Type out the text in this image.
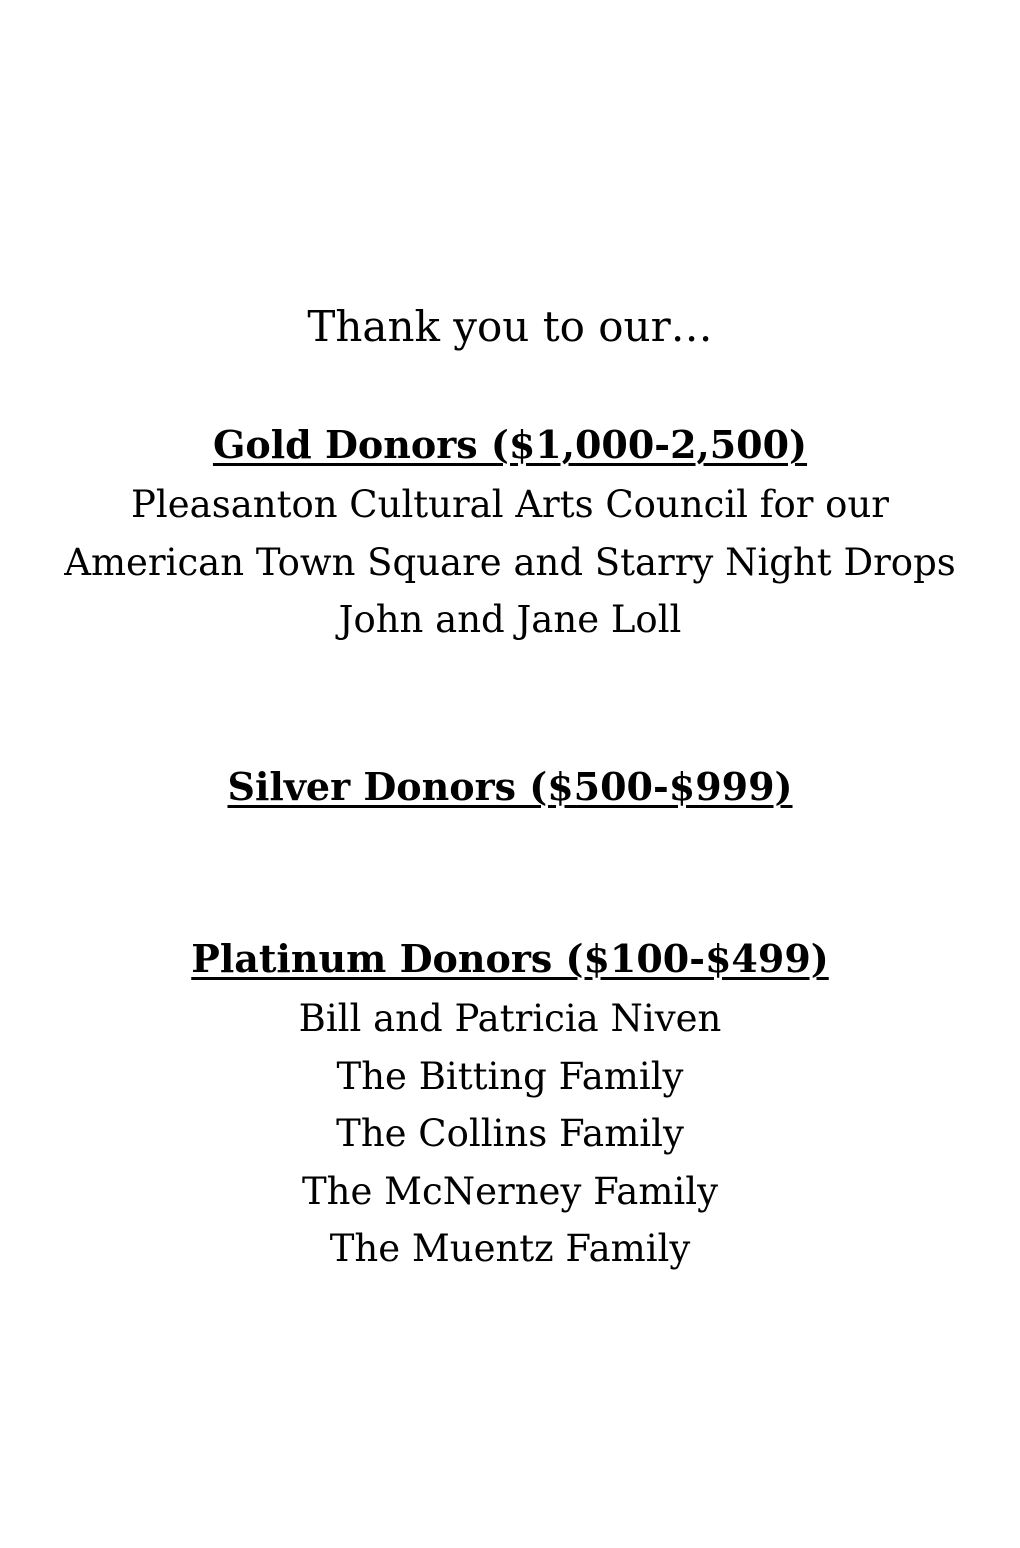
Thank you to our…
Gold Donors ($1,000-2,500)
Pleasanton Cultural Arts Council for our
American Town Square and Starry Night Drops
John and Jane Loll
Silver Donors ($500-$999)
Platinum Donors ($100-$499)
Bill and Patricia Niven
The Bitting Family
The Collins Family
The McNerney Family
The Muentz Family
